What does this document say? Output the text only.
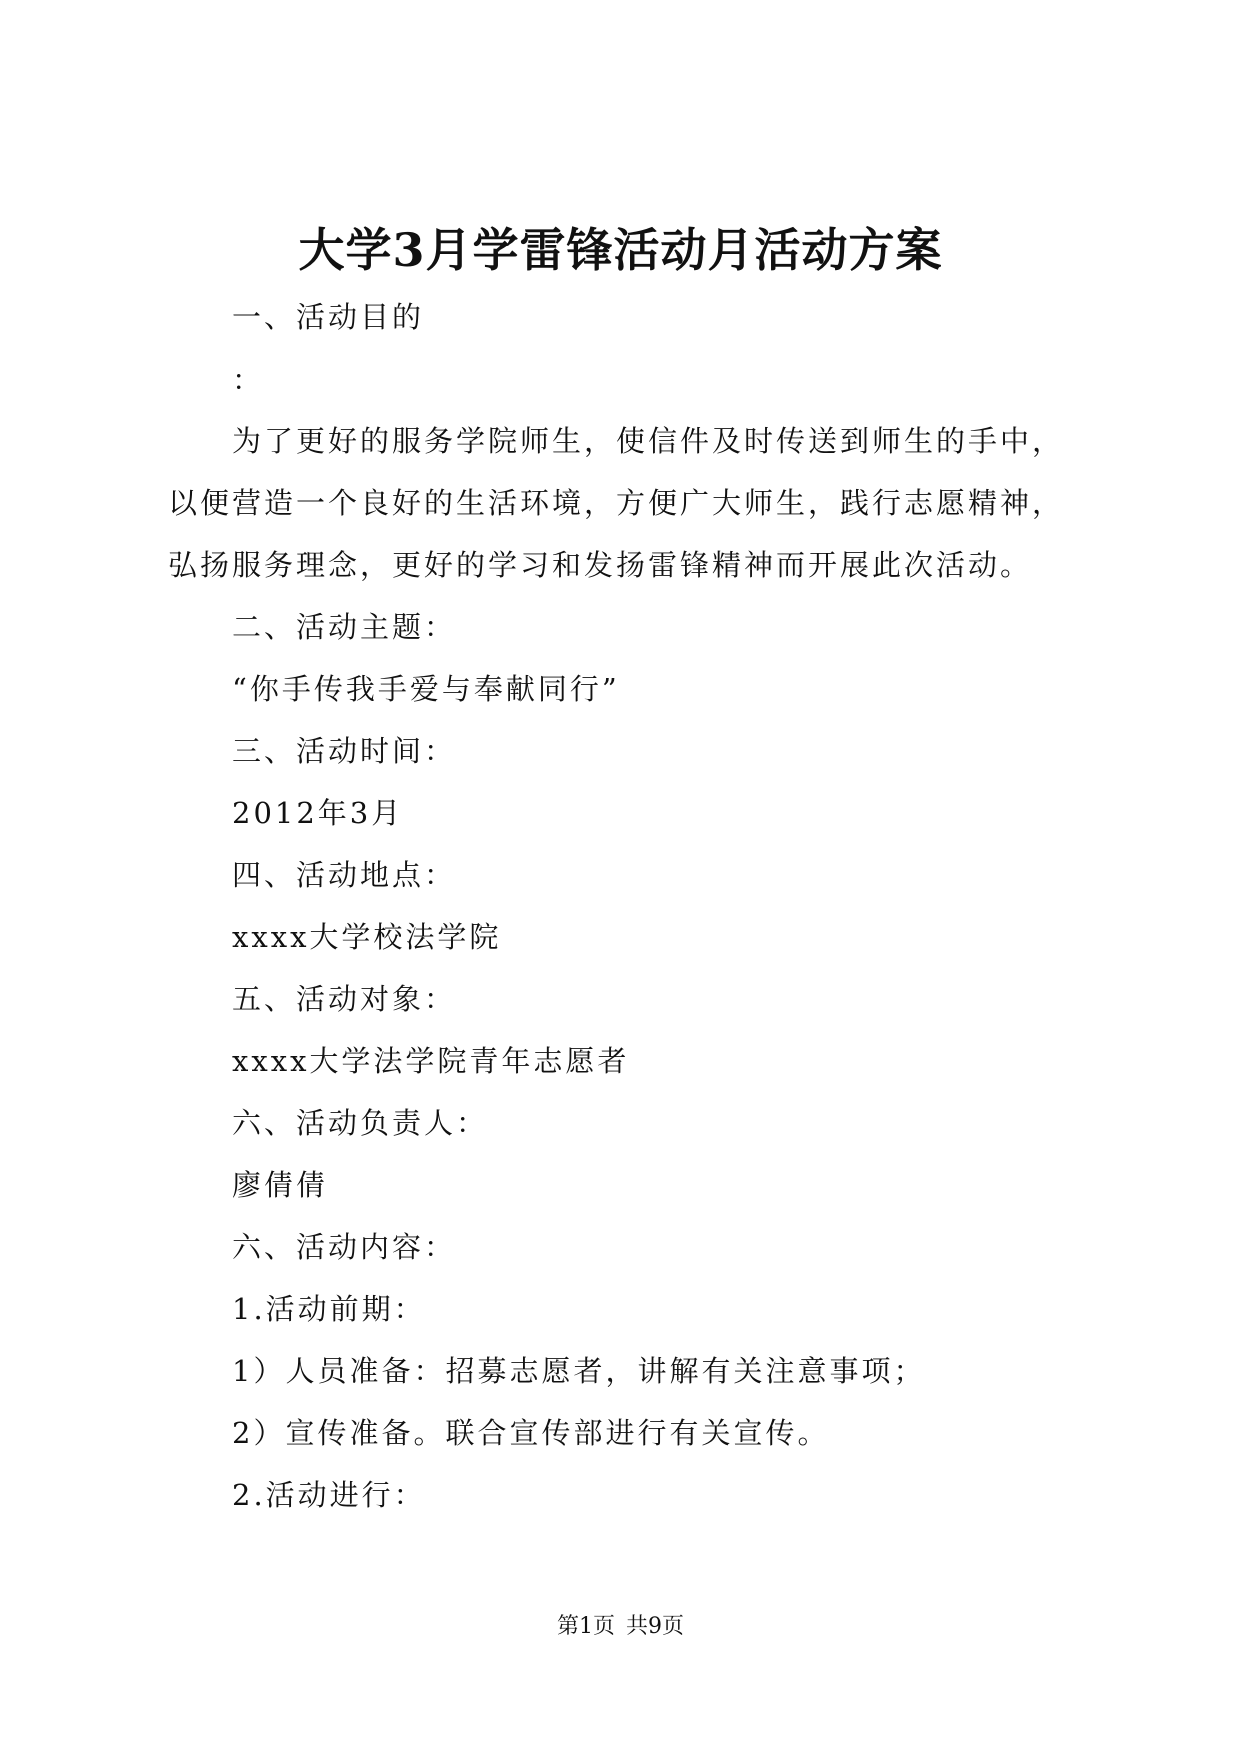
大学3月学雷锋活动月活动方案

一、活动目的

：

为了更好的服务学院师生，使信件及时传送到师生的手中，

以便营造一个良好的生活环境，方便广大师生，践行志愿精神，

弘扬服务理念，更好的学习和发扬雷锋精神而开展此次活动。

二、活动主题：

“你手传我手爱与奉献同行”

三、活动时间：

2012年3月

四、活动地点：

xxxx大学校法学院

五、活动对象：

xxxx大学法学院青年志愿者

六、活动负责人：

廖倩倩

六、活动内容：

1.活动前期：

1）人员准备：招募志愿者，讲解有关注意事项；

2）宣传准备。联合宣传部进行有关宣传。

2.活动进行：

第1页 共9页
